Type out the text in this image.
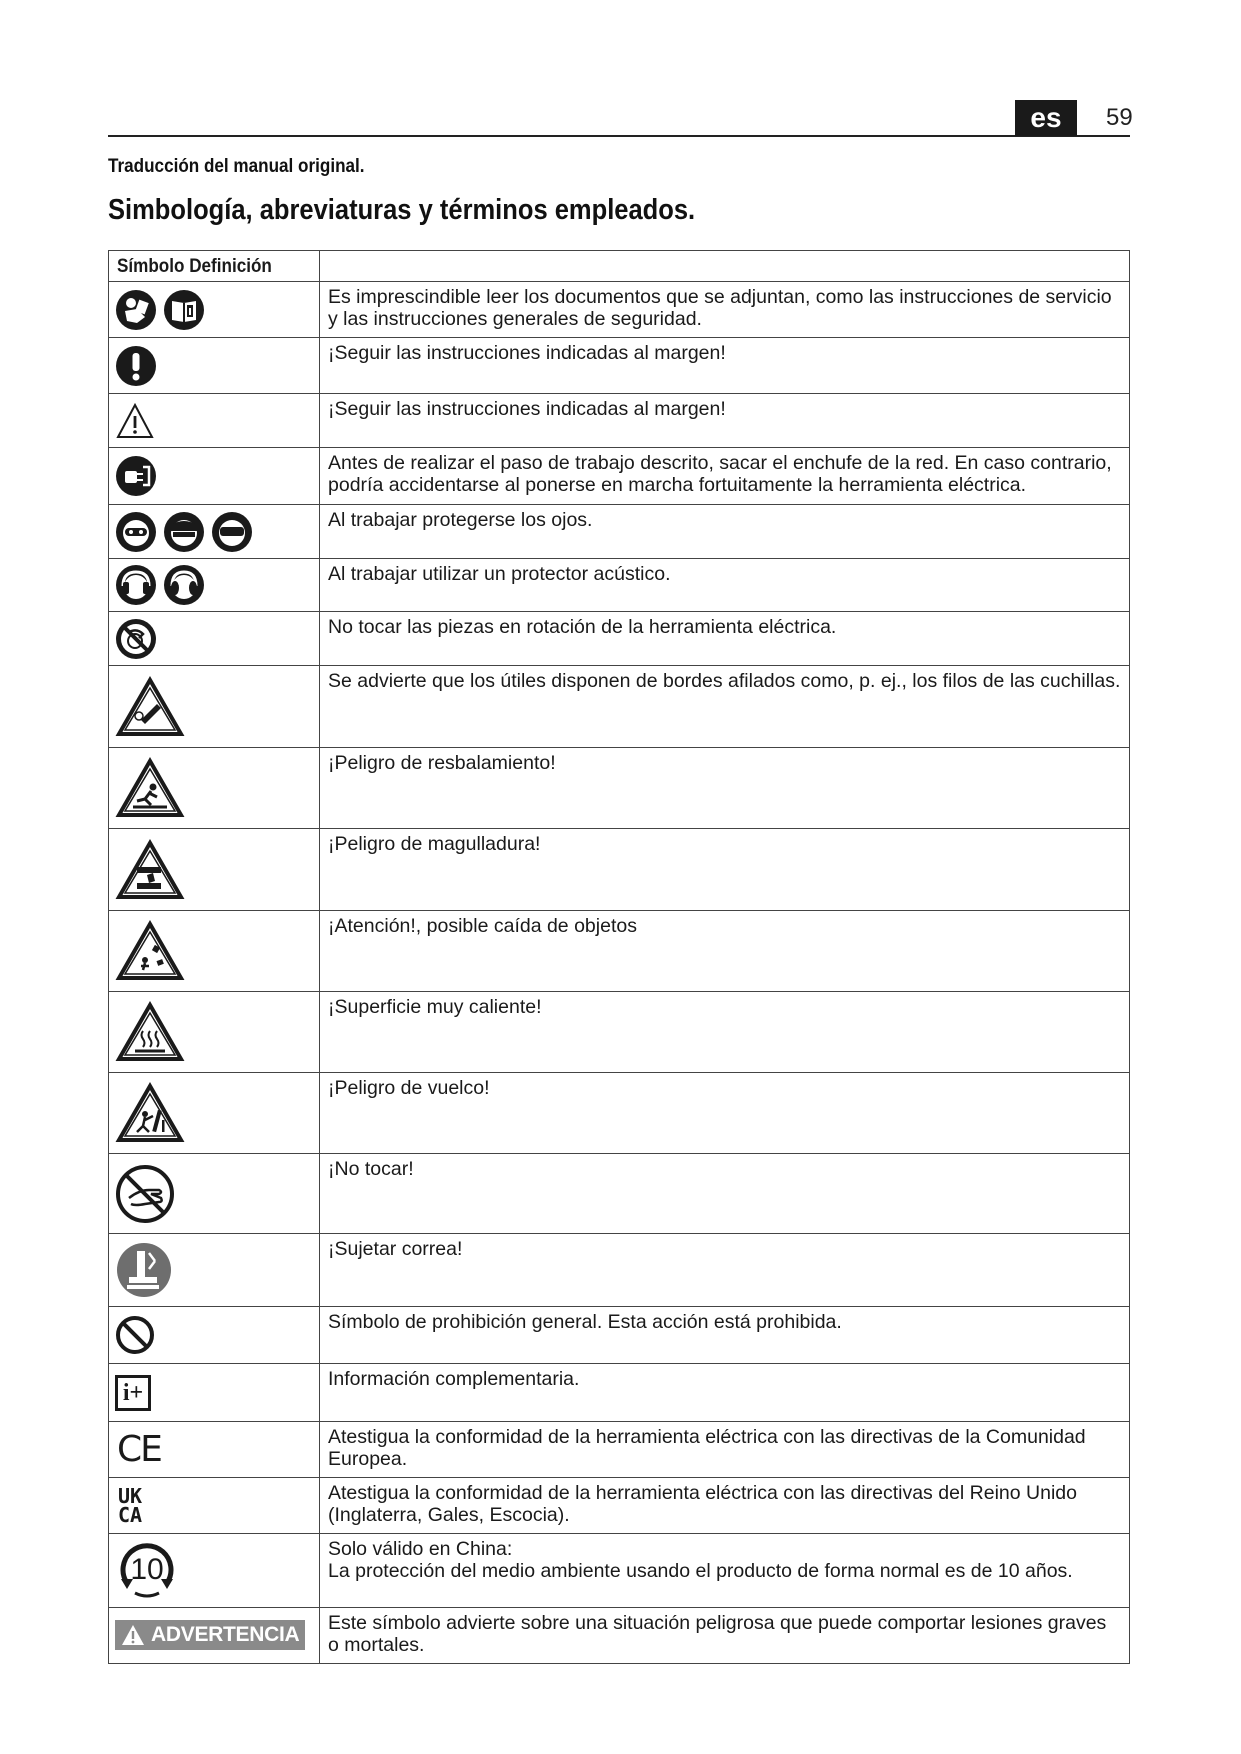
es	59
Traducción del manual original.
Simbología, abreviaturas y términos empleados.
Símbolo Definición	

	Es imprescindible leer los documentos que se adjuntan, como las instrucciones de servicio y las instrucciones generales de seguridad.

	¡Seguir las instrucciones indicadas al margen!

	¡Seguir las instrucciones indicadas al margen!

	Antes de realizar el paso de trabajo descrito, sacar el enchufe de la red. En caso contrario, podría accidentarse al ponerse en marcha fortuitamente la herramienta eléctrica.

	Al trabajar protegerse los ojos.

	Al trabajar utilizar un protector acústico.

	No tocar las piezas en rotación de la herramienta eléctrica.

	Se advierte que los útiles disponen de bordes afilados como, p. ej., los filos de las cuchillas.

	¡Peligro de resbalamiento!

	¡Peligro de magulladura!

	¡Atención!, posible caída de objetos

	¡Superficie muy caliente!

	¡Peligro de vuelco!

	¡No tocar!

	¡Sujetar correa!

	Símbolo de prohibición general. Esta acción está prohibida.

i+	Información complementaria.

CE	Atestigua la conformidad de la herramienta eléctrica con las directivas de la Comunidad Europea.

UK
CA	Atestigua la conformidad de la herramienta eléctrica con las directivas del Reino Unido (Inglaterra, Gales, Escocia).

10	Solo válido en China:
La protección del medio ambiente usando el producto de forma normal es de 10 años.

ADVERTENCIA	Este símbolo advierte sobre una situación peligrosa que puede comportar lesiones graves o mortales.
